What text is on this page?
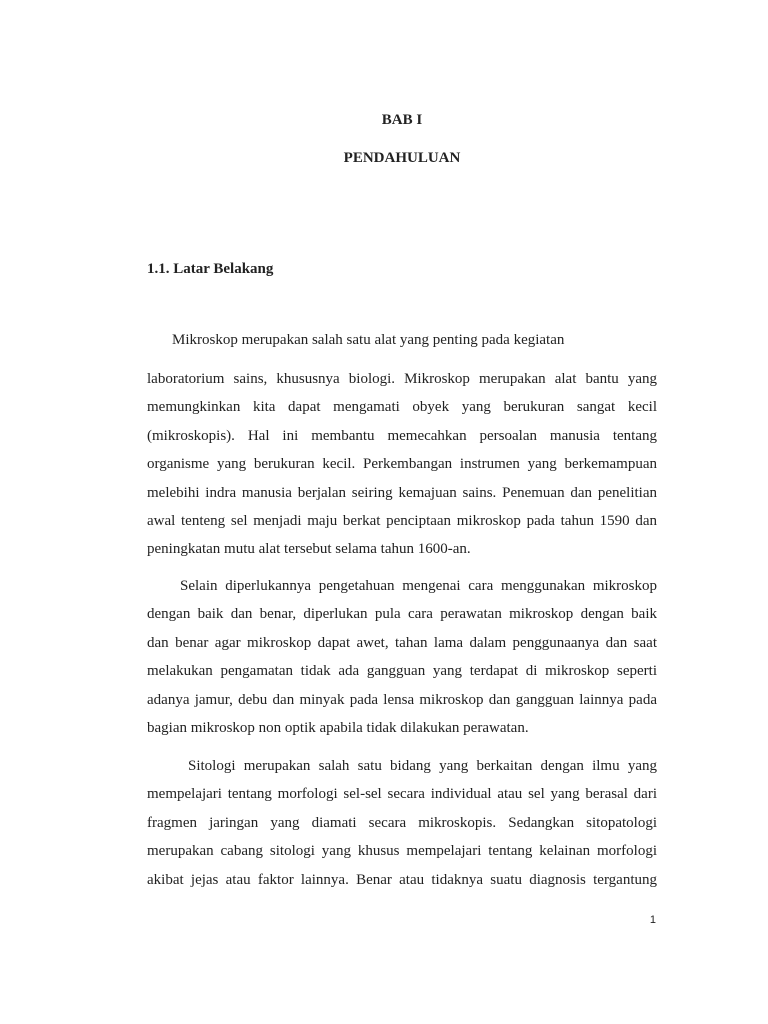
BAB I
PENDAHULUAN
1.1. Latar Belakang
Mikroskop merupakan salah satu alat yang penting pada kegiatan
laboratorium sains, khususnya biologi. Mikroskop merupakan alat bantu yang
memungkinkan kita dapat mengamati obyek yang berukuran sangat kecil
(mikroskopis). Hal ini membantu memecahkan persoalan manusia tentang
organisme yang berukuran kecil. Perkembangan instrumen yang berkemampuan
melebihi indra manusia berjalan seiring kemajuan sains. Penemuan dan penelitian
awal tenteng sel menjadi maju berkat penciptaan mikroskop pada tahun 1590 dan
peningkatan mutu alat tersebut selama tahun 1600-an.
Selain diperlukannya pengetahuan mengenai cara menggunakan mikroskop
dengan baik dan benar, diperlukan pula cara perawatan mikroskop dengan baik
dan benar agar mikroskop dapat awet, tahan lama dalam penggunaanya dan saat
melakukan pengamatan tidak ada gangguan yang terdapat di mikroskop seperti
adanya jamur, debu dan minyak pada lensa mikroskop dan gangguan lainnya pada
bagian mikroskop non optik apabila tidak dilakukan perawatan.
Sitologi merupakan salah satu bidang yang berkaitan dengan ilmu yang
mempelajari tentang morfologi sel-sel secara individual atau sel yang berasal dari
fragmen jaringan yang diamati secara mikroskopis. Sedangkan sitopatologi
merupakan cabang sitologi yang khusus mempelajari tentang kelainan morfologi
akibat jejas atau faktor lainnya. Benar atau tidaknya suatu diagnosis tergantung
1
